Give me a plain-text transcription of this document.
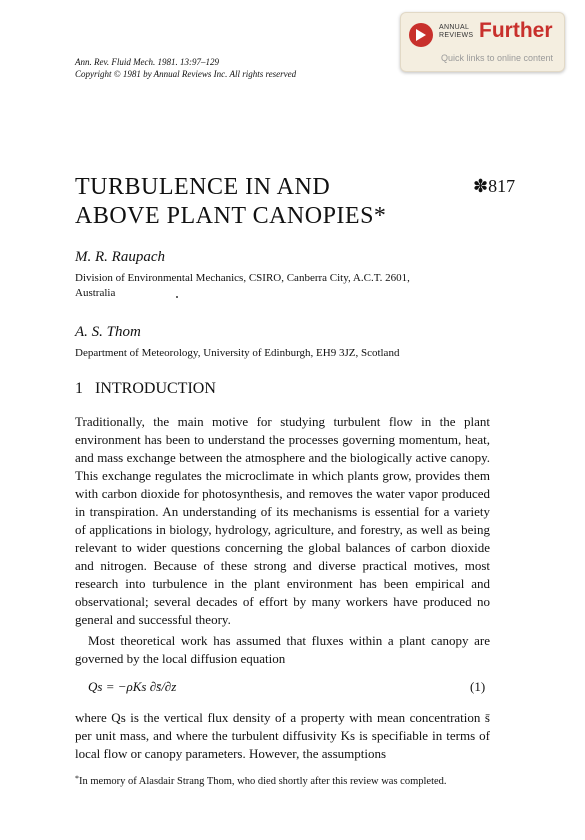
ANNUAL
REVIEWS Further
Quick links to online content
Ann. Rev. Fluid Mech. 1981. 13:97–129
Copyright © 1981 by Annual Reviews Inc. All rights reserved
TURBULENCE IN AND
ABOVE PLANT CANOPIES*
✽817
M. R. Raupach
Division of Environmental Mechanics, CSIRO, Canberra City, A.C.T. 2601,
Australia
A. S. Thom
Department of Meteorology, University of Edinburgh, EH9 3JZ, Scotland
1 INTRODUCTION
Traditionally, the main motive for studying turbulent flow in the plant environment has been to understand the processes governing momentum, heat, and mass exchange between the atmosphere and the biologically active canopy. This exchange regulates the microclimate in which plants grow, provides them with carbon dioxide for photosynthesis, and removes the water vapor produced in transpiration. An understanding of its mechanisms is essential for a variety of applications in biology, hydrology, agriculture, and forestry, as well as being relevant to wider questions concerning the global balances of carbon dioxide and nitrogen. Because of these strong and diverse practical motives, most research into turbulence in the plant environment has been empirical and observational; several decades of effort by many workers have produced no general and successful theory.
Most theoretical work has assumed that fluxes within a plant canopy are governed by the local diffusion equation
Qs = −ρKs ∂s̄/∂z	(1)
where Qs is the vertical flux density of a property with mean concentration s̄ per unit mass, and where the turbulent diffusivity Ks is specifiable in terms of local flow or canopy parameters. However, the assumptions
*In memory of Alasdair Strang Thom, who died shortly after this review was completed.
